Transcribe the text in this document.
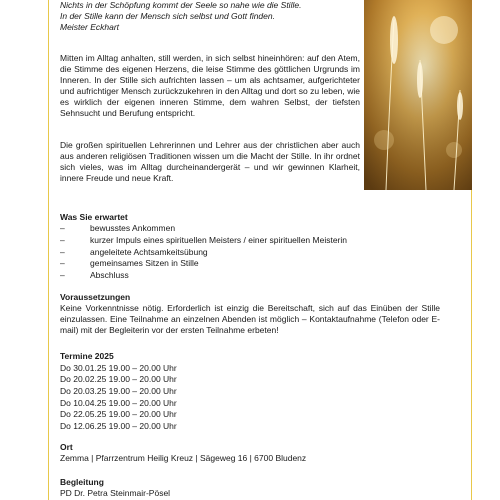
Nichts in der Schöpfung kommt der Seele so nahe wie die Stille.
In der Stille kann der Mensch sich selbst und Gott finden.
Meister Eckhart

Mitten im Alltag anhalten, still werden, in sich selbst hineinhören: auf den Atem, die Stimme des eigenen Herzens, die leise Stimme des göttlichen Urgrunds im Inneren. In der Stille sich aufrichten lassen – um als achtsamer, aufgerichteter und aufrichtiger Mensch zurückzukehren in den Alltag und dort so zu leben, wie es wirklich der eigenen inneren Stimme, dem wahren Selbst, der tiefsten Sehnsucht und Berufung entspricht.

Die großen spirituellen Lehrerinnen und Lehrer aus der christlichen aber auch aus anderen religiösen Traditionen wissen um die Macht der Stille. In ihr ordnet sich vieles, was im Alltag durcheinandergerät – und wir gewinnen Klarheit, innere Freude und neue Kraft.

Was Sie erwartet
– bewusstes Ankommen
– kurzer Impuls eines spirituellen Meisters / einer spirituellen Meisterin
– angeleitete Achtsamkeitsübung
– gemeinsames Sitzen in Stille
– Abschluss
Voraussetzungen

Keine Vorkenntnisse nötig. Erforderlich ist einzig die Bereitschaft, sich auf das Einüben der Stille einzulassen. Eine Teilnahme an einzelnen Abenden ist möglich – Kontaktaufnahme (Telefon oder E-mail) mit der Begleiterin vor der ersten Teilnahme erbeten!

Termine 2025
Do 30.01.25 19.00 – 20.00 Uhr
Do 20.02.25 19.00 – 20.00 Uhr
Do 20.03.25 19.00 – 20.00 Uhr
Do 10.04.25 19.00 – 20.00 Uhr
Do 22.05.25 19.00 – 20.00 Uhr
Do 12.06.25 19.00 – 20.00 Uhr
Ort
Zemma | Pfarrzentrum Heilig Kreuz | Sägeweg 16 | 6700 Bludenz
Begleitung
PD Dr. Petra Steinmair-Pösel
